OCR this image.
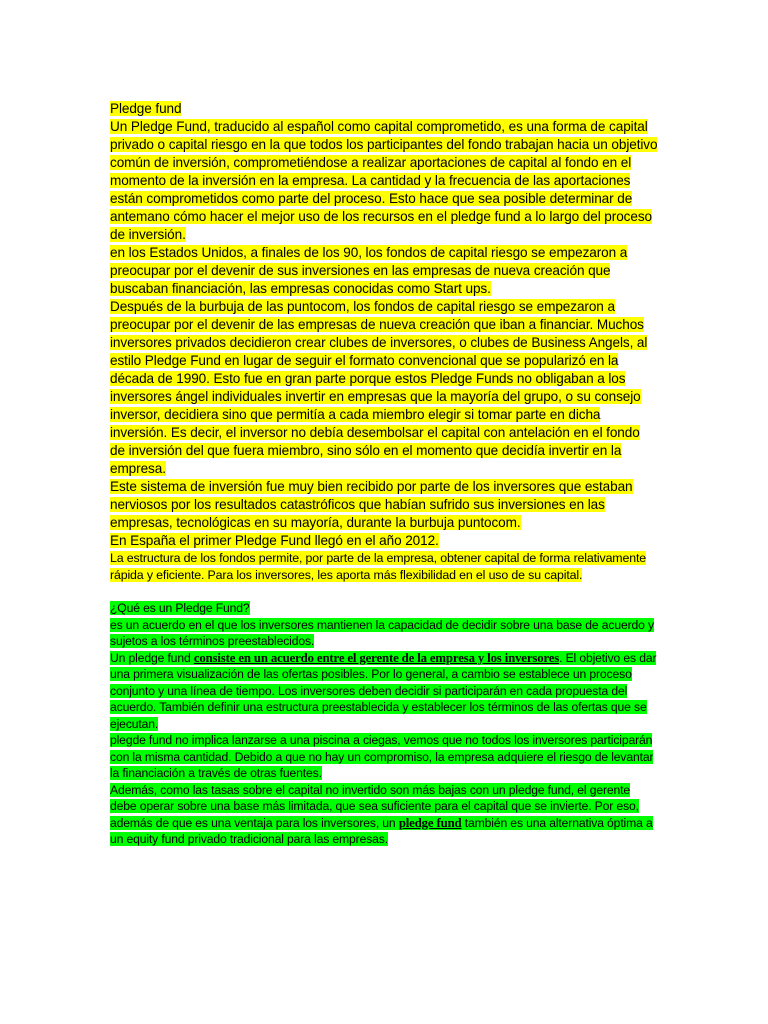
Pledge fund

Un Pledge Fund, traducido al español como capital comprometido, es una forma de capital privado o capital riesgo en la que todos los participantes del fondo trabajan hacia un objetivo común de inversión, comprometiéndose a realizar aportaciones de capital al fondo en el momento de la inversión en la empresa. La cantidad y la frecuencia de las aportaciones están comprometidos como parte del proceso. Esto hace que sea posible determinar de antemano cómo hacer el mejor uso de los recursos en el pledge fund a lo largo del proceso de inversión.

en los Estados Unidos, a finales de los 90, los fondos de capital riesgo se empezaron a preocupar por el devenir de sus inversiones en las empresas de nueva creación que buscaban financiación, las empresas conocidas como Start ups.

Después de la burbuja de las puntocom, los fondos de capital riesgo se empezaron a preocupar por el devenir de las empresas de nueva creación que iban a financiar. Muchos inversores privados decidieron crear clubes de inversores, o clubes de Business Angels, al estilo Pledge Fund en lugar de seguir el formato convencional que se popularizó en la década de 1990. Esto fue en gran parte porque estos Pledge Funds no obligaban a los inversores ángel individuales invertir en empresas que la mayoría del grupo, o su consejo inversor, decidiera sino que permitía a cada miembro elegir si tomar parte en dicha inversión. Es decir, el inversor no debía desembolsar el capital con antelación en el fondo de inversión del que fuera miembro, sino sólo en el momento que decidía invertir en la empresa.

Este sistema de inversión fue muy bien recibido por parte de los inversores que estaban nerviosos por los resultados catastróficos que habían sufrido sus inversiones en las empresas, tecnológicas en su mayoría, durante la burbuja puntocom.

En España el primer Pledge Fund llegó en el año 2012.

La estructura de los fondos permite, por parte de la empresa, obtener capital de forma relativamente rápida y eficiente. Para los inversores, les aporta más flexibilidad en el uso de su capital.

¿Qué es un Pledge Fund?

es un acuerdo en el que los inversores mantienen la capacidad de decidir sobre una base de acuerdo y sujetos a los términos preestablecidos.

Un pledge fund consiste en un acuerdo entre el gerente de la empresa y los inversores. El objetivo es dar una primera visualización de las ofertas posibles. Por lo general, a cambio se establece un proceso conjunto y una línea de tiempo. Los inversores deben decidir si participarán en cada propuesta del acuerdo. También definir una estructura preestablecida y establecer los términos de las ofertas que se ejecutan.

plegde fund no implica lanzarse a una piscina a ciegas, vemos que no todos los inversores participarán con la misma cantidad. Debido a que no hay un compromiso, la empresa adquiere el riesgo de levantar la financiación a través de otras fuentes.

Además, como las tasas sobre el capital no invertido son más bajas con un pledge fund, el gerente debe operar sobre una base más limitada, que sea suficiente para el capital que se invierte. Por eso, además de que es una ventaja para los inversores, un pledge fund también es una alternativa óptima a un equity fund privado tradicional para las empresas.
